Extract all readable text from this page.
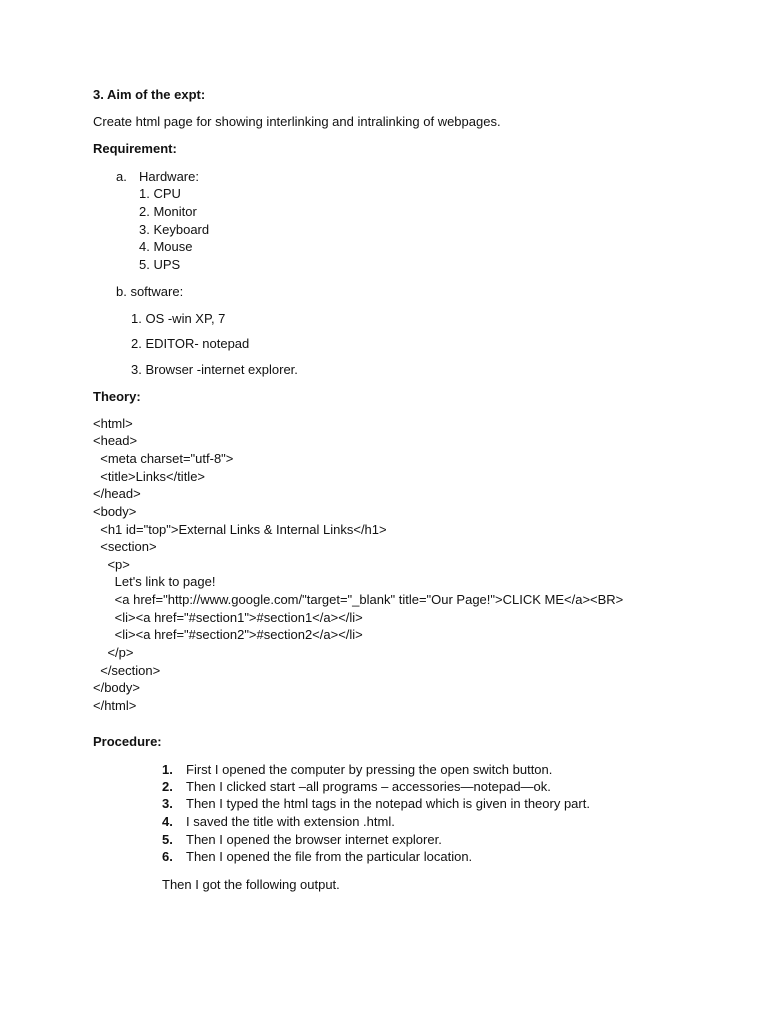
3. Aim of the expt:
Create html page for showing interlinking and intralinking of webpages.
Requirement:
a. Hardware:
1. CPU
2. Monitor
3. Keyboard
4. Mouse
5. UPS
b. software:
1. OS -win XP, 7
2. EDITOR- notepad
3. Browser -internet explorer.
Theory:
<html>
<head>
<meta charset="utf-8">
<title>Links</title>
</head>
<body>
<h1 id="top">External Links & Internal Links</h1>
<section>
<p>
Let's link to page!
<a href="http://www.google.com/"target="_blank" title="Our Page!">CLICK ME</a><BR>
<li><a href="#section1">#section1</a></li>
<li><a href="#section2">#section2</a></li>
</p>
</section>
</body>
</html>
Procedure:
1. First I opened the computer by pressing the open switch button.
2. Then I clicked start –all programs – accessories—notepad—ok.
3. Then I typed the html tags in the notepad which is given in theory part.
4. I saved the title with extension .html.
5. Then I opened the browser internet explorer.
6. Then I opened the file from the particular location.
Then I got the following output.
